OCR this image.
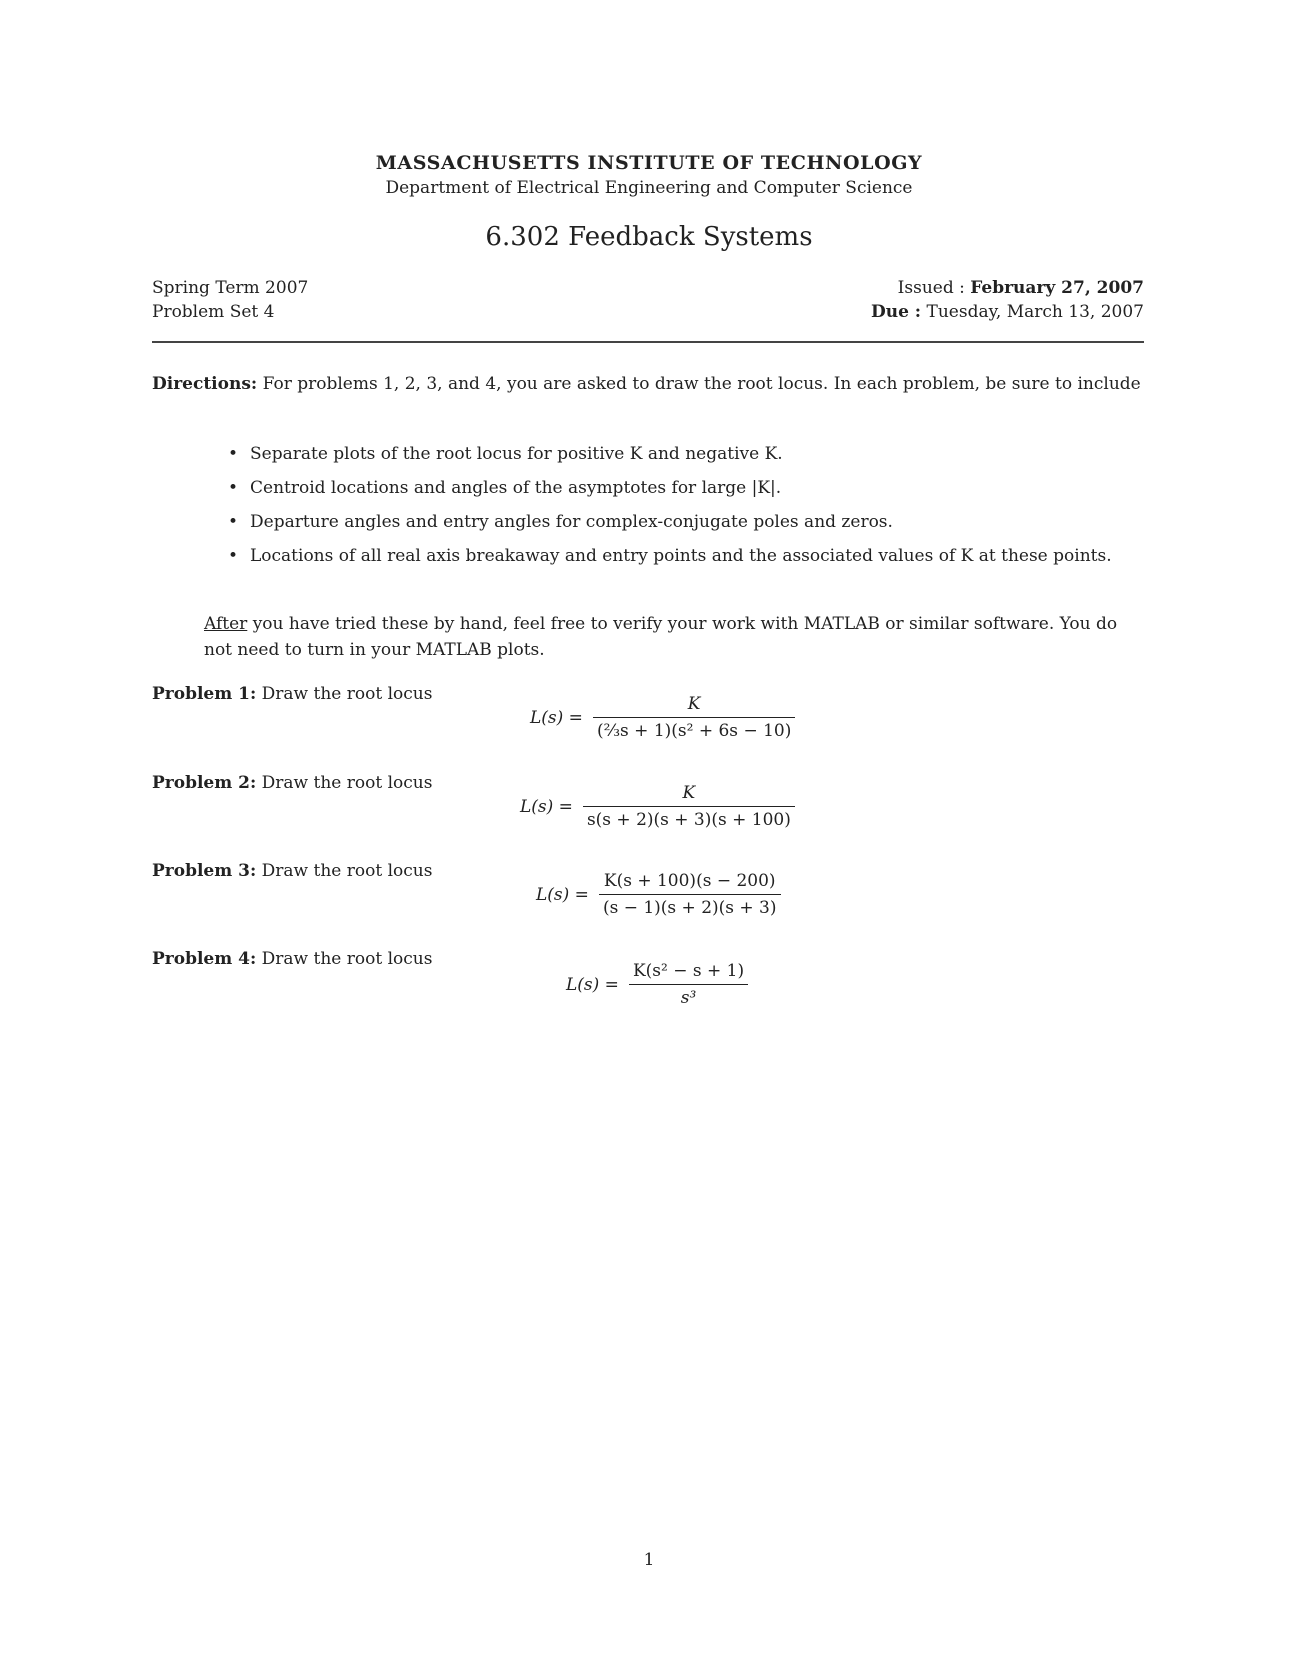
MASSACHUSETTS INSTITUTE OF TECHNOLOGY
Department of Electrical Engineering and Computer Science
6.302 Feedback Systems
Spring Term 2007
Problem Set 4
Issued : February 27, 2007
Due : Tuesday, March 13, 2007
Directions: For problems 1, 2, 3, and 4, you are asked to draw the root locus. In each problem, be sure to include
• Separate plots of the root locus for positive K and negative K.
• Centroid locations and angles of the asymptotes for large |K|.
• Departure angles and entry angles for complex-conjugate poles and zeros.
• Locations of all real axis breakaway and entry points and the associated values of K at these points.
After you have tried these by hand, feel free to verify your work with MATLAB or similar software. You do not need to turn in your MATLAB plots.
Problem 1: Draw the root locus
$L(s) = \frac{K}{\text{(⅔s + 1)(s² + 6s − 10)}}$
Problem 2: Draw the root locus
$L(s) = \frac{K}{s(s + 2)(s + 3)(s + 100)}$
Problem 3: Draw the root locus
$L(s) = \frac{K(s + 100)(s - 200)}{(s - 1)(s + 2)(s + 3)}$
Problem 4: Draw the root locus
$L(s) = \frac{\text{K(s² − s + 1)}}{\text{s³}}$
1
